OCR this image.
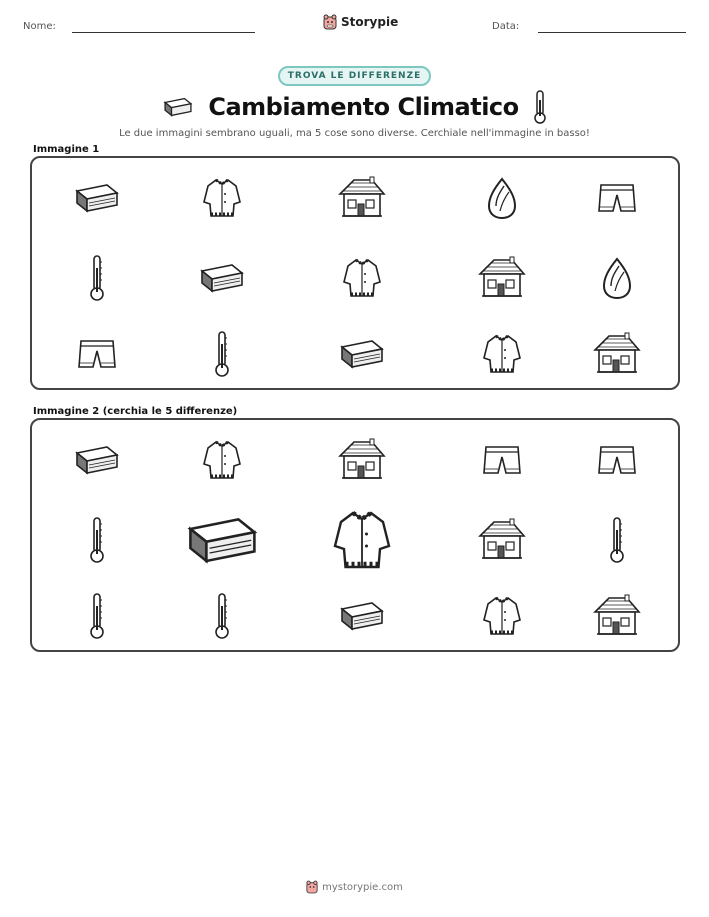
Nome:	Storypie	Data:
TROVA LE DIFFERENZE
Cambiamento Climatico
Le due immagini sembrano uguali, ma 5 cose sono diverse. Cerchiale nell'immagine in basso!
Immagine 1
Immagine 2 (cerchia le 5 differenze)
mystorypie.com
